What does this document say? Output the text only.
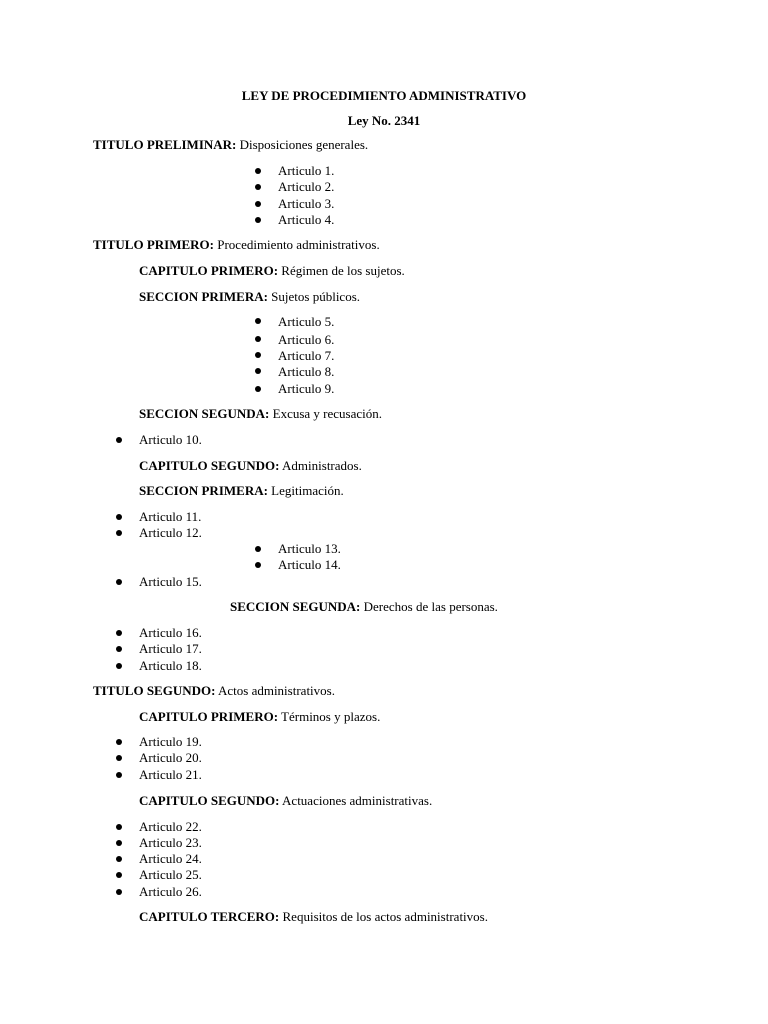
LEY DE PROCEDIMIENTO ADMINISTRATIVO
Ley No. 2341
TITULO PRELIMINAR: Disposiciones generales.
Articulo 1.
Articulo 2.
Articulo 3.
Articulo 4.
TITULO PRIMERO: Procedimiento administrativos.
CAPITULO PRIMERO: Régimen de los sujetos.
SECCION PRIMERA: Sujetos públicos.
Articulo 5.
Articulo 6.
Articulo 7.
Articulo 8.
Articulo 9.
SECCION SEGUNDA: Excusa y recusación.
Articulo 10.
CAPITULO SEGUNDO: Administrados.
SECCION PRIMERA: Legitimación.
Articulo 11.
Articulo 12.
Articulo 13.
Articulo 14.
Articulo 15.
SECCION SEGUNDA: Derechos de las personas.
Articulo 16.
Articulo 17.
Articulo 18.
TITULO SEGUNDO: Actos administrativos.
CAPITULO PRIMERO: Términos y plazos.
Articulo 19.
Articulo 20.
Articulo 21.
CAPITULO SEGUNDO: Actuaciones administrativas.
Articulo 22.
Articulo 23.
Articulo 24.
Articulo 25.
Articulo 26.
CAPITULO TERCERO: Requisitos de los actos administrativos.
